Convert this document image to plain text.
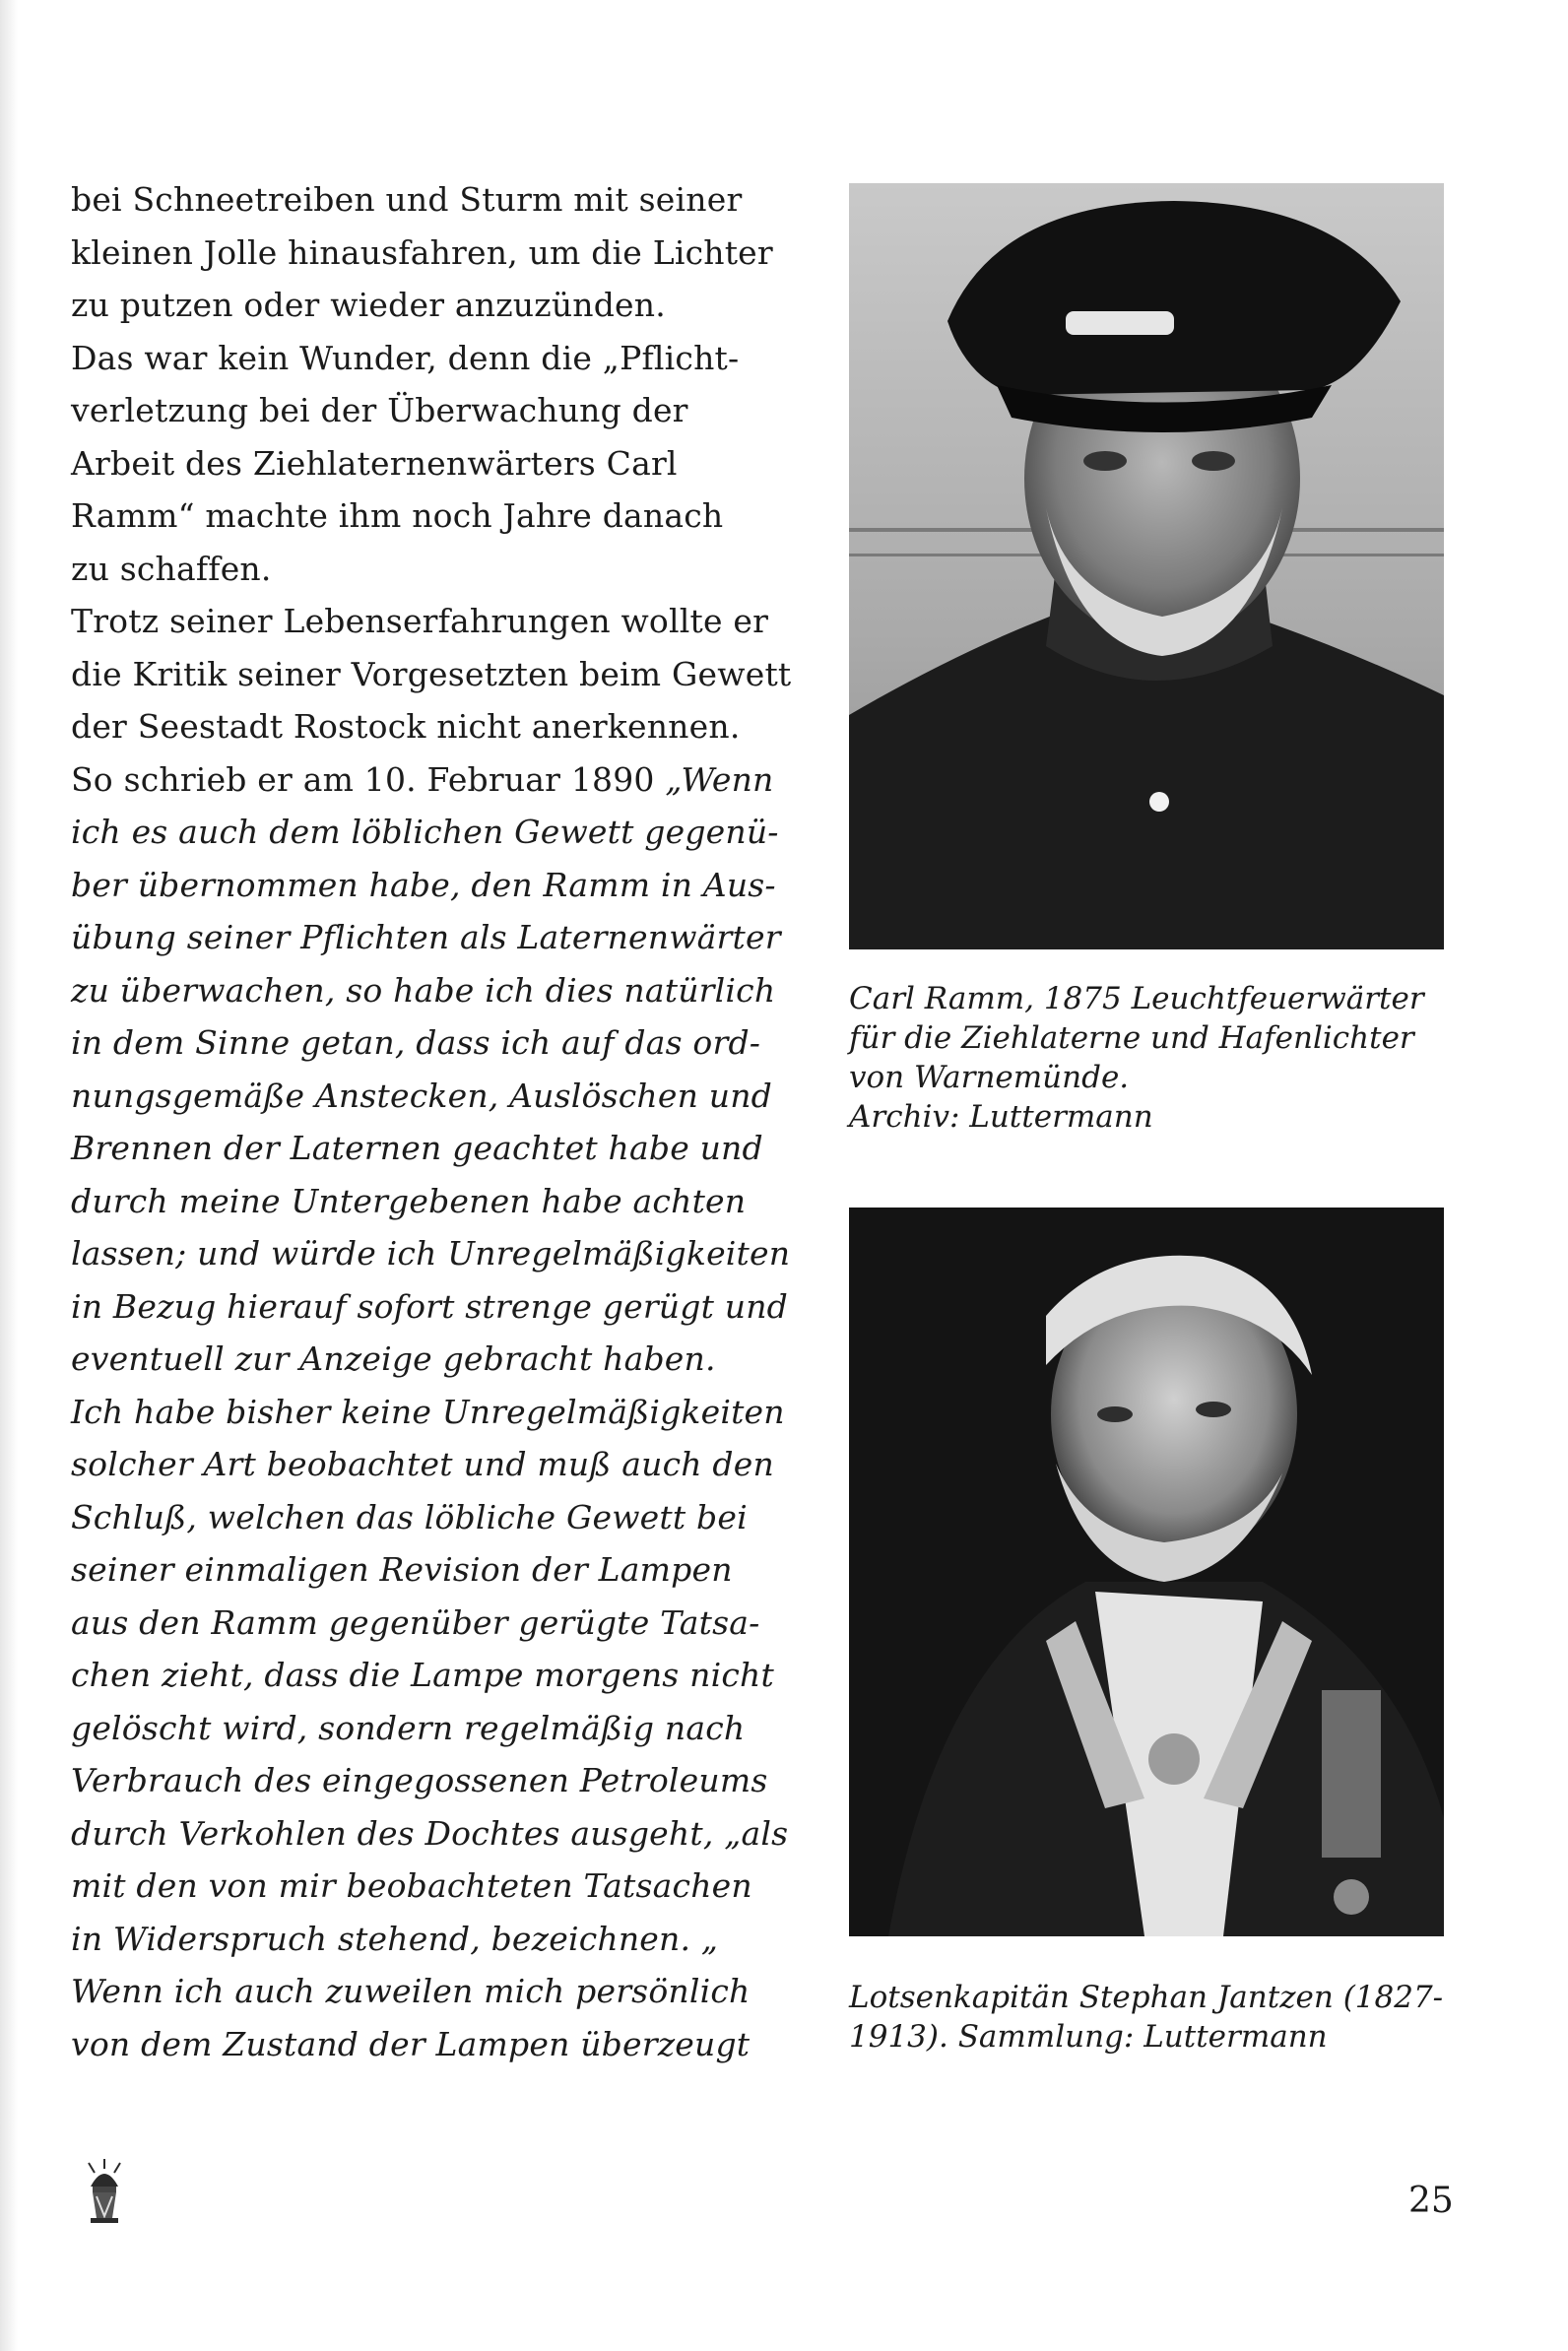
bei Schneetreiben und Sturm mit seiner
kleinen Jolle hinausfahren, um die Lichter
zu putzen oder wieder anzuzünden.
Das war kein Wunder, denn die „Pflicht-
verletzung bei der Überwachung der
Arbeit des Ziehlaternenwärters Carl
Ramm“ machte ihm noch Jahre danach
zu schaffen.
Trotz seiner Lebenserfahrungen wollte er
die Kritik seiner Vorgesetzten beim Gewett
der Seestadt Rostock nicht anerkennen.
So schrieb er am 10. Februar 1890 „Wenn
ich es auch dem löblichen Gewett gegenü-
ber übernommen habe, den Ramm in Aus-
übung seiner Pflichten als Laternenwärter
zu überwachen, so habe ich dies natürlich
in dem Sinne getan, dass ich auf das ord-
nungsgemäße Anstecken, Auslöschen und
Brennen der Laternen geachtet habe und
durch meine Untergebenen habe achten
lassen; und würde ich Unregelmäßigkeiten
in Bezug hierauf sofort strenge gerügt und
eventuell zur Anzeige gebracht haben.
Ich habe bisher keine Unregelmäßigkeiten
solcher Art beobachtet und muß auch den
Schluß, welchen das löbliche Gewett bei
seiner einmaligen Revision der Lampen
aus den Ramm gegenüber gerügte Tatsa-
chen zieht, dass die Lampe morgens nicht
gelöscht wird, sondern regelmäßig nach
Verbrauch des eingegossenen Petroleums
durch Verkohlen des Dochtes ausgeht, „als
mit den von mir beobachteten Tatsachen
in Widerspruch stehend, bezeichnen. „
Wenn ich auch zuweilen mich persönlich
von dem Zustand der Lampen überzeugt
Carl Ramm, 1875 Leuchtfeuerwärter
für die Ziehlaterne und Hafenlichter
von Warnemünde.
Archiv: Luttermann
Lotsenkapitän Stephan Jantzen (1827-
1913). Sammlung: Luttermann
25
